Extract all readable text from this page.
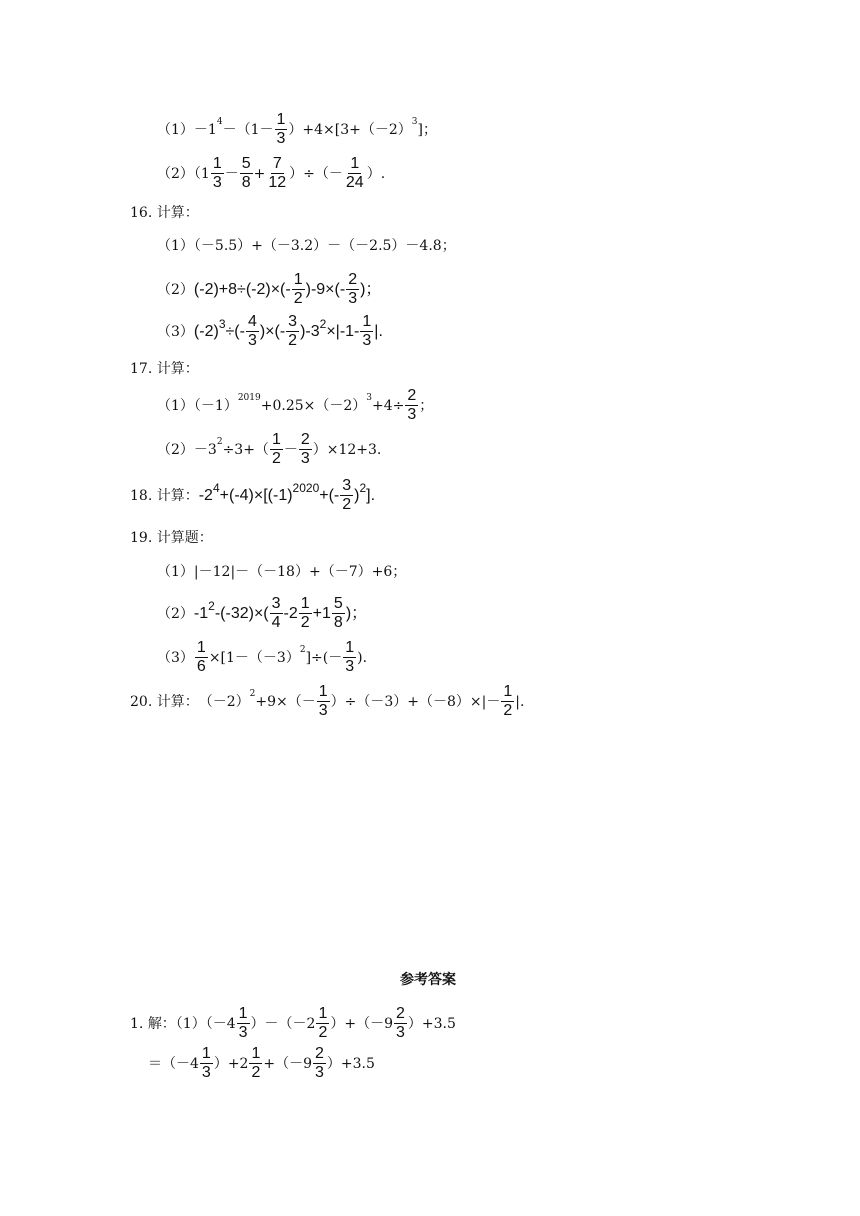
（1） －1 $4 -(1- \frac{1}{3} )+4\times[3+(-2)$ 3 ]；
$(2)(1 \frac{1}{3} - \frac{5}{8} + \frac{7}{12}$ ）÷（－ $\frac{1}{24}$ ）.
16.
计算：
（1）（－5.5）+（－3.2）－（－2.5）－4.8；
（2） $(-2)+8\div(-2)\times(- \frac{1}{2} )-9\times(- \frac{2}{3}$ )；
（3） (-2) 3 ÷(- $\frac{4}{3}$ )×(- $\frac{3}{2} )-3$ $2 \times|-1- \frac{1}{3}$ |.
17.
计算：
（1）（－1） 2019 +0.25×（－2） $3 +4\div \frac{2}{3}$ ；
（2）－3 $2 \div 3+( \frac{1}{2} - \frac{2}{3} )\times 12+3$.
18.
计算： -2 4 +(-4)×[(-1) 2020 +(- $\frac{3}{2}$ ) 2 ].
19.
计算题：
（1）|－12|－（－18）+（－7）+6；
（2） -1 2 $-(-32)\times( \frac{3}{4} -2 \frac{1}{2} +1 \frac{5}{8}$ )；
$(3) \frac{1}{6} \times[1-(-3)$ 2 ]÷(－ $\frac{1}{3}$ ).
20.
计算： （－2） $2 +9\times(- \frac{1}{3} )\div(-3)+(-8)\times|- \frac{1}{2}$ |.
参考答案
1.
解：$(1)(-4 \frac{1}{3} )-(-2 \frac{1}{2} )+(-9 \frac{2}{3} )+3.5$
$=(-4 \frac{1}{3} )+2 \frac{1}{2} +(-9 \frac{2}{3} )+3.5$
